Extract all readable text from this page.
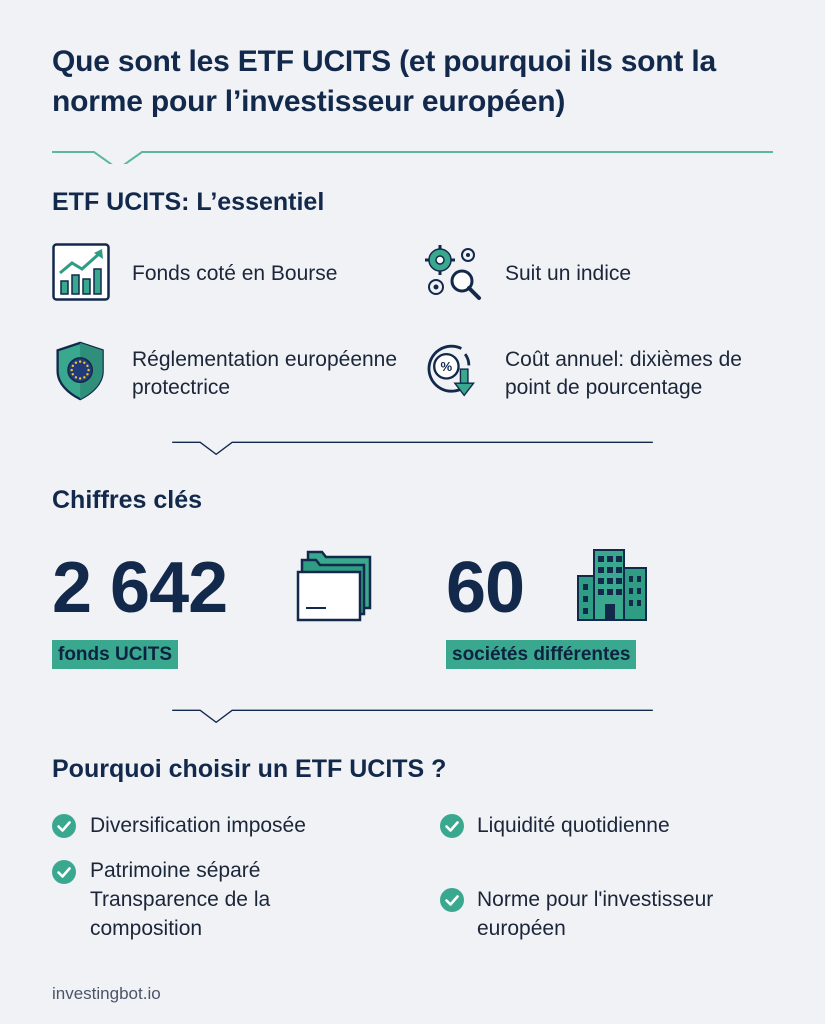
Que sont les ETF UCITS (et pourquoi ils sont la norme pour l’investisseur européen)
ETF UCITS: L’essentiel
Fonds coté en Bourse	Suit un indice
Réglementation européenne protectrice
%	Coût annuel: dixièmes de point de pourcentage
Chiffres clés
2 642
fonds UCITS
60
sociétés différentes
Pourquoi choisir un ETF UCITS ?
Diversification imposée	Liquidité quotidienne
Patrimoine séparé
Transparence de la composition
Norme pour l'investisseur européen
investingbot.io
